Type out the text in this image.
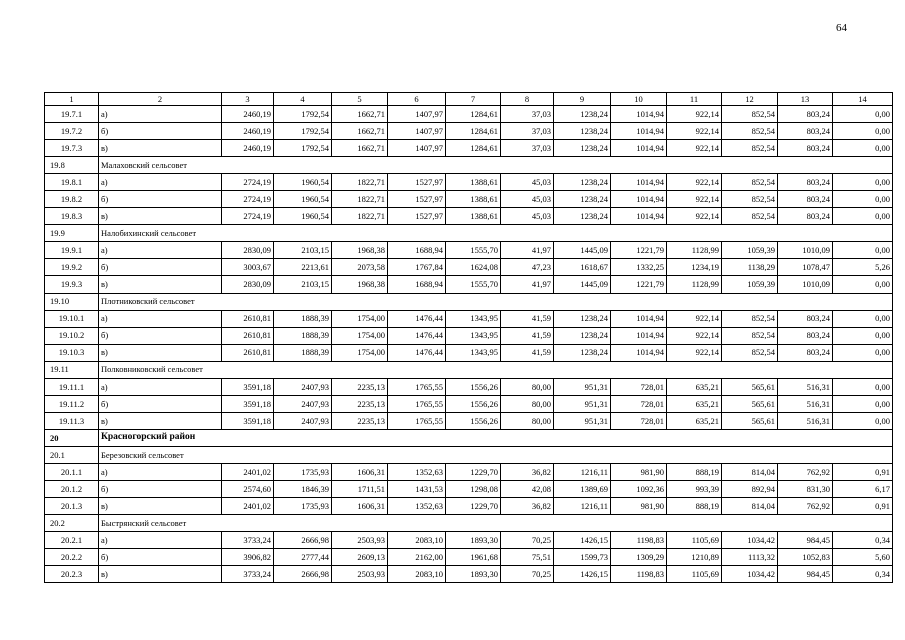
64
1	2	3	4	5	6	7	8	9	10	11	12	13	14
19.7.1	а)	2460,19	1792,54	1662,71	1407,97	1284,61	37,03	1238,24	1014,94	922,14	852,54	803,24	0,00
19.7.2	б)	2460,19	1792,54	1662,71	1407,97	1284,61	37,03	1238,24	1014,94	922,14	852,54	803,24	0,00
19.7.3	в)	2460,19	1792,54	1662,71	1407,97	1284,61	37,03	1238,24	1014,94	922,14	852,54	803,24	0,00
19.8	Малаховский сельсовет												
19.8.1	а)	2724,19	1960,54	1822,71	1527,97	1388,61	45,03	1238,24	1014,94	922,14	852,54	803,24	0,00
19.8.2	б)	2724,19	1960,54	1822,71	1527,97	1388,61	45,03	1238,24	1014,94	922,14	852,54	803,24	0,00
19.8.3	в)	2724,19	1960,54	1822,71	1527,97	1388,61	45,03	1238,24	1014,94	922,14	852,54	803,24	0,00
19.9	Налобихинский сельсовет												
19.9.1	а)	2830,09	2103,15	1968,38	1688,94	1555,70	41,97	1445,09	1221,79	1128,99	1059,39	1010,09	0,00
19.9.2	б)	3003,67	2213,61	2073,58	1767,84	1624,08	47,23	1618,67	1332,25	1234,19	1138,29	1078,47	5,26
19.9.3	в)	2830,09	2103,15	1968,38	1688,94	1555,70	41,97	1445,09	1221,79	1128,99	1059,39	1010,09	0,00
19.10	Плотниковский сельсовет												
19.10.1	а)	2610,81	1888,39	1754,00	1476,44	1343,95	41,59	1238,24	1014,94	922,14	852,54	803,24	0,00
19.10.2	б)	2610,81	1888,39	1754,00	1476,44	1343,95	41,59	1238,24	1014,94	922,14	852,54	803,24	0,00
19.10.3	в)	2610,81	1888,39	1754,00	1476,44	1343,95	41,59	1238,24	1014,94	922,14	852,54	803,24	0,00
19.11	Полковниковский сельсовет												
19.11.1	а)	3591,18	2407,93	2235,13	1765,55	1556,26	80,00	951,31	728,01	635,21	565,61	516,31	0,00
19.11.2	б)	3591,18	2407,93	2235,13	1765,55	1556,26	80,00	951,31	728,01	635,21	565,61	516,31	0,00
19.11.3	в)	3591,18	2407,93	2235,13	1765,55	1556,26	80,00	951,31	728,01	635,21	565,61	516,31	0,00
20	Красногорский район												
20.1	Березовский сельсовет												
20.1.1	а)	2401,02	1735,93	1606,31	1352,63	1229,70	36,82	1216,11	981,90	888,19	814,04	762,92	0,91
20.1.2	б)	2574,60	1846,39	1711,51	1431,53	1298,08	42,08	1389,69	1092,36	993,39	892,94	831,30	6,17
20.1.3	в)	2401,02	1735,93	1606,31	1352,63	1229,70	36,82	1216,11	981,90	888,19	814,04	762,92	0,91
20.2	Быстрянский сельсовет												
20.2.1	а)	3733,24	2666,98	2503,93	2083,10	1893,30	70,25	1426,15	1198,83	1105,69	1034,42	984,45	0,34
20.2.2	б)	3906,82	2777,44	2609,13	2162,00	1961,68	75,51	1599,73	1309,29	1210,89	1113,32	1052,83	5,60
20.2.3	в)	3733,24	2666,98	2503,93	2083,10	1893,30	70,25	1426,15	1198,83	1105,69	1034,42	984,45	0,34
